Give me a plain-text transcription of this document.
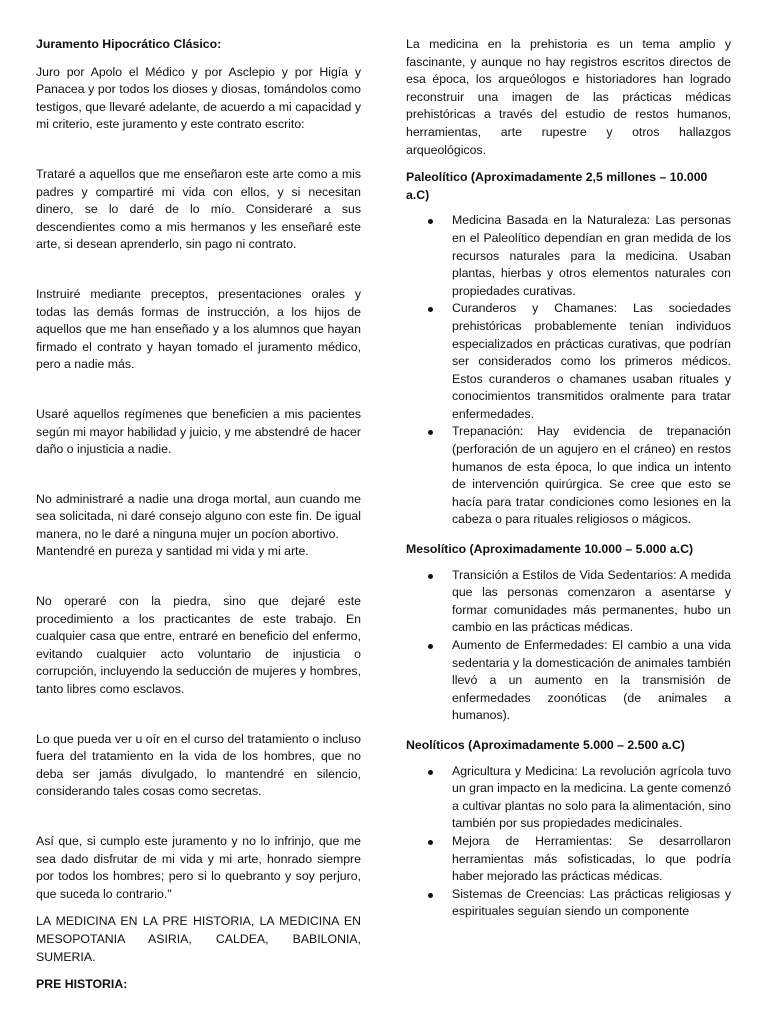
Juramento Hipocrático Clásico:

Juro por Apolo el Médico y por Asclepio y por Higía y Panacea y por todos los dioses y diosas, tomándolos como testigos, que llevaré adelante, de acuerdo a mi capacidad y mi criterio, este juramento y este contrato escrito:

Trataré a aquellos que me enseñaron este arte como a mis padres y compartiré mi vida con ellos, y si necesitan dinero, se lo daré de lo mío. Consideraré a sus descendientes como a mis hermanos y les enseñaré este arte, si desean aprenderlo, sin pago ni contrato.

Instruiré mediante preceptos, presentaciones orales y todas las demás formas de instrucción, a los hijos de aquellos que me han enseñado y a los alumnos que hayan firmado el contrato y hayan tomado el juramento médico, pero a nadie más.

Usaré aquellos regímenes que beneficien a mis pacientes según mi mayor habilidad y juicio, y me abstendré de hacer daño o injusticia a nadie.

No administraré a nadie una droga mortal, aun cuando me sea solicitada, ni daré consejo alguno con este fin. De igual manera, no le daré a ninguna mujer un pocíon abortivo.

Mantendré en pureza y santidad mi vida y mi arte.

No operaré con la piedra, sino que dejaré este procedimiento a los practicantes de este trabajo. En cualquier casa que entre, entraré en beneficio del enfermo, evitando cualquier acto voluntario de injusticia o corrupción, incluyendo la seducción de mujeres y hombres, tanto libres como esclavos.

Lo que pueda ver u oír en el curso del tratamiento o incluso fuera del tratamiento en la vida de los hombres, que no deba ser jamás divulgado, lo mantendré en silencio, considerando tales cosas como secretas.

Así que, si cumplo este juramento y no lo infrinjo, que me sea dado disfrutar de mi vida y mi arte, honrado siempre por todos los hombres; pero si lo quebranto y soy perjuro, que suceda lo contrario."

LA MEDICINA EN LA PRE HISTORIA, LA MEDICINA EN MESOPOTANIA ASIRIA, CALDEA, BABILONIA, SUMERIA.

PRE HISTORIA:

La medicina en la prehistoria es un tema amplio y fascinante, y aunque no hay registros escritos directos de esa época, los arqueólogos e historiadores han logrado reconstruir una imagen de las prácticas médicas prehistóricas a través del estudio de restos humanos, herramientas, arte rupestre y otros hallazgos arqueológicos.

Paleolítico (Aproximadamente 2,5 millones – 10.000 a.C)

Medicina Basada en la Naturaleza: Las personas en el Paleolítico dependían en gran medida de los recursos naturales para la medicina. Usaban plantas, hierbas y otros elementos naturales con propiedades curativas.
Curanderos y Chamanes: Las sociedades prehistóricas probablemente tenían individuos especializados en prácticas curativas, que podrían ser considerados como los primeros médicos. Estos curanderos o chamanes usaban rituales y conocimientos transmitidos oralmente para tratar enfermedades.
Trepanación: Hay evidencia de trepanación (perforación de un agujero en el cráneo) en restos humanos de esta época, lo que indica un intento de intervención quirúrgica. Se cree que esto se hacía para tratar condiciones como lesiones en la cabeza o para rituales religiosos o mágicos.

Mesolítico (Aproximadamente 10.000 – 5.000 a.C)

Transición a Estilos de Vida Sedentarios: A medida que las personas comenzaron a asentarse y formar comunidades más permanentes, hubo un cambio en las prácticas médicas.
Aumento de Enfermedades: El cambio a una vida sedentaria y la domesticación de animales también llevó a un aumento en la transmisión de enfermedades zoonóticas (de animales a humanos).

Neolíticos (Aproximadamente 5.000 – 2.500 a.C)

Agricultura y Medicina: La revolución agrícola tuvo un gran impacto en la medicina. La gente comenzó a cultivar plantas no solo para la alimentación, sino también por sus propiedades medicinales.
Mejora de Herramientas: Se desarrollaron herramientas más sofisticadas, lo que podría haber mejorado las prácticas médicas.
Sistemas de Creencias: Las prácticas religiosas y espirituales seguían siendo un componente
